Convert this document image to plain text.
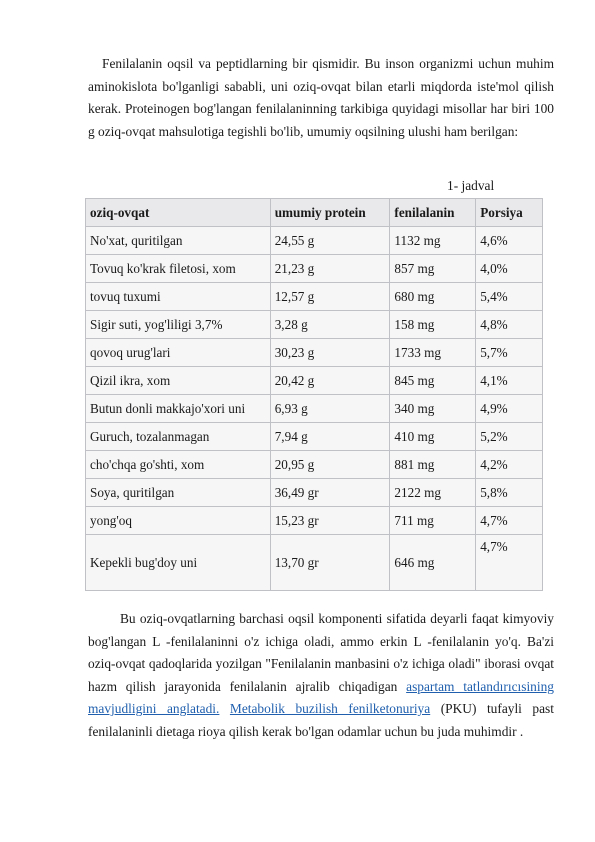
Fenilalanin oqsil va peptidlarning bir qismidir. Bu inson organizmi uchun muhim aminokislota bo'lganligi sababli, uni oziq-ovqat bilan etarli miqdorda iste'mol qilish kerak. Proteinogen bog'langan fenilalaninning tarkibiga quyidagi misollar har biri 100 g oziq-ovqat mahsulotiga tegishli bo'lib, umumiy oqsilning ulushi ham berilgan:

1- jadval
oziq-ovqat	umumiy protein	fenilalanin	Porsiya
No'xat, quritilgan	24,55 g	1132 mg	4,6%
Tovuq ko'krak filetosi, xom	21,23 g	857 mg	4,0%
tovuq tuxumi	12,57 g	680 mg	5,4%
Sigir suti, yog'liligi 3,7%	3,28 g	158 mg	4,8%
qovoq urug'lari	30,23 g	1733 mg	5,7%
Qizil ikra, xom	20,42 g	845 mg	4,1%
Butun donli makkajo'xori uni	6,93 g	340 mg	4,9%
Guruch, tozalanmagan	7,94 g	410 mg	5,2%
cho'chqa go'shti, xom	20,95 g	881 mg	4,2%
Soya, quritilgan	36,49 gr	2122 mg	5,8%
yong'oq	15,23 gr	711 mg	4,7%
Kepekli bug'doy uni	13,70 gr	646 mg	4,7%

Bu oziq-ovqatlarning barchasi oqsil komponenti sifatida deyarli faqat kimyoviy bog'langan L -fenilalaninni o'z ichiga oladi, ammo erkin L -fenilalanin yo'q. Ba'zi oziq-ovqat qadoqlarida yozilgan "Fenilalanin manbasini o'z ichiga oladi" iborasi ovqat hazm qilish jarayonida fenilalanin ajralib chiqadigan aspartam tatlandırıcısining mavjudligini anglatadi. Metabolik buzilish fenilketonuriya (PKU) tufayli past fenilalaninli dietaga rioya qilish kerak bo'lgan odamlar uchun bu juda muhimdir .
